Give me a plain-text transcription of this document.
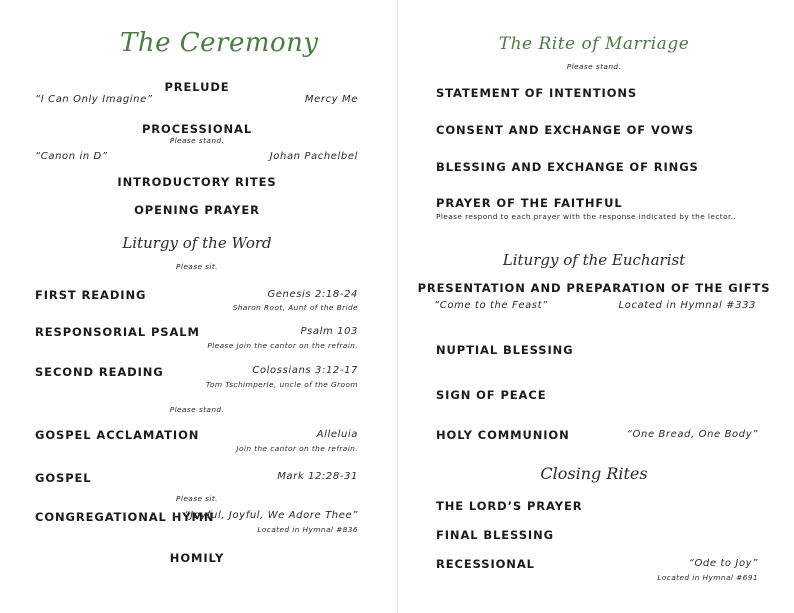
The Ceremony
PRELUDE
“I Can Only Imagine”	Mercy Me
PROCESSIONAL
Please stand.
“Canon in D”	Johan Pachelbel
INTRODUCTORY RITES
OPENING PRAYER
Liturgy of the Word
Please sit.
FIRST READING	Genesis 2:18-24
Sharon Root, Aunt of the Bride
RESPONSORIAL PSALM	Psalm 103
Please join the cantor on the refrain.
SECOND READING	Colossians 3:12-17
Tom Tschimperle, uncle of the Groom
Please stand.
GOSPEL ACCLAMATION	Alleluia
Join the cantor on the refrain.
GOSPEL	Mark 12:28-31
Please sit.
CONGREGATIONAL HYMN
“Joyful, Joyful, We Adore Thee”
Located in Hymnal #836
HOMILY
The Rite of Marriage
Please stand.
STATEMENT OF INTENTIONS
CONSENT AND EXCHANGE OF VOWS
BLESSING AND EXCHANGE OF RINGS
PRAYER OF THE FAITHFUL
Please respond to each prayer with the response indicated by the lector..
Liturgy of the Eucharist
PRESENTATION AND PREPARATION OF THE GIFTS
“Come to the Feast”	Located in Hymnal #333
NUPTIAL BLESSING
SIGN OF PEACE
HOLY COMMUNION	“One Bread, One Body”
Closing Rites
THE LORD’S PRAYER
FINAL BLESSING
RECESSIONAL	“Ode to Joy”
Located in Hymnal #691
